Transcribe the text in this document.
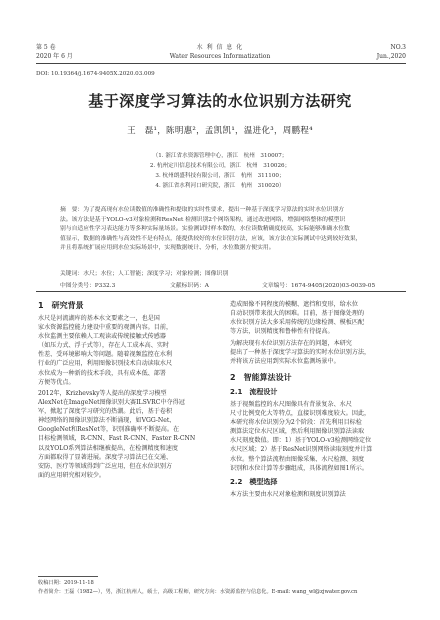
第 5 卷
2020 年 6 月
水 利 信 息 化
Water Resources Informatization
NO.3
Jun.,2020
DOI: 10.19364/j.1674-9405X.2020.03.009
基于深度学习算法的水位识别方法研究
王　磊¹，陈明惠²，孟凯凯¹，温进化³，周鹏程⁴
（1. 浙江省水资源管理中心，浙江　杭州　310007；
2. 杭州定川信息技术有限公司，浙江　杭州　310026；
3. 杭州朗盛科技有限公司，浙江　杭州　311100；
4. 浙江省水利河口研究院，浙江　杭州　310020）
摘　要：为了提高现有水位读数值的准确性和提取的实时性要求，提出一种基于深度学习算法的实时水位识别方
法。该方法是基于YOLO-v3对象检测和ResNet 检测识别2个网络架构，通过改进网络，增强网络整体的模型识
别与自适应性学习表达能力等多种实际量场景。实验测试时样本数的，水位读数精确度较高，实际能够准确水位数
值显示，数据的准确性与高效性不是有特点，能提供较好的水位识别方法，应该，该方法在实际测试中达到较好效果，
并且将系统扩展应用到水位实际场景中，实现数据统计、分析，水位数据方便实用。
关键词：水尺；水位；人工智能；深度学习；对象检测；图像识别
中图分类号：P332.3	文献标识码：A	文章编号：1674-9405(2020)03-0039-05
1　研究背景
水尺是河流湖库的基本水文要素之一，也是国
家水资源监控能力建设中重要的观测内容。目前，
水位监测主要依赖人工观读或传统接触式传感器
（如压力式、浮子式等），存在人工成本高、实时
性差、受环境影响大等问题。随着视频监控在水利
行业的广泛应用，利用图像识别技术自动读取水尺
水位成为一种新的技术手段，具有成本低、部署
方便等优点。
2012年，Krizhevsky等人提出的深度学习模型
AlexNet在ImageNet图像识别大赛ILSVRC中夺得冠
军，掀起了深度学习研究的热潮。此后，基于卷积
神经网络的图像识别算法不断涌现，如VGG-Net、
GoogleNet和ResNet等，识别准确率不断提高。在
目标检测领域，R-CNN、Fast R-CNN、Faster R-CNN
以及YOLO系列算法相继被提出，在检测精度和速度
方面都取得了显著进展。深度学习算法已在交通、
安防、医疗等领域得到广泛应用，但在水位识别方
面的应用研究相对较少。
收稿日期：2019-11-18
作者简介：王磊（1982—），男，浙江杭州人，硕士，高级工程师，研究方向：水资源监控与信息化。E-mail: wang_wl@zjwater.gov.cn
造成图像不同程度的模糊、遮挡和变形，给水位
自动识别带来很大的困难。目前，基于图像处理的
水位识别方法大多采用传统的边缘检测、模板匹配
等方法，识别精度和鲁棒性有待提高。
为解决现有水位识别方法存在的问题，本研究
提出了一种基于深度学习算法的实时水位识别方法，
并将该方法应用到实际水位监测场景中。
2　智能算法设计
2.1　流程设计
基于视频监控的水尺图像具有背景复杂、水尺
尺寸比例变化大等特点，直接识别难度较大。因此，
本研究将水位识别分为2个阶段：首先利用目标检
测算法定位水尺区域，然后利用图像识别算法读取
水尺刻度数值。即：1）基于YOLO-v3检测网络定位
水尺区域；2）基于ResNet识别网络读取刻度并计算
水位。整个算法流程由图像采集、水尺检测、刻度
识别和水位计算等步骤组成，具体流程如图1所示。
2.2　模型选择
本方法主要由水尺对象检测和刻度识别算法
